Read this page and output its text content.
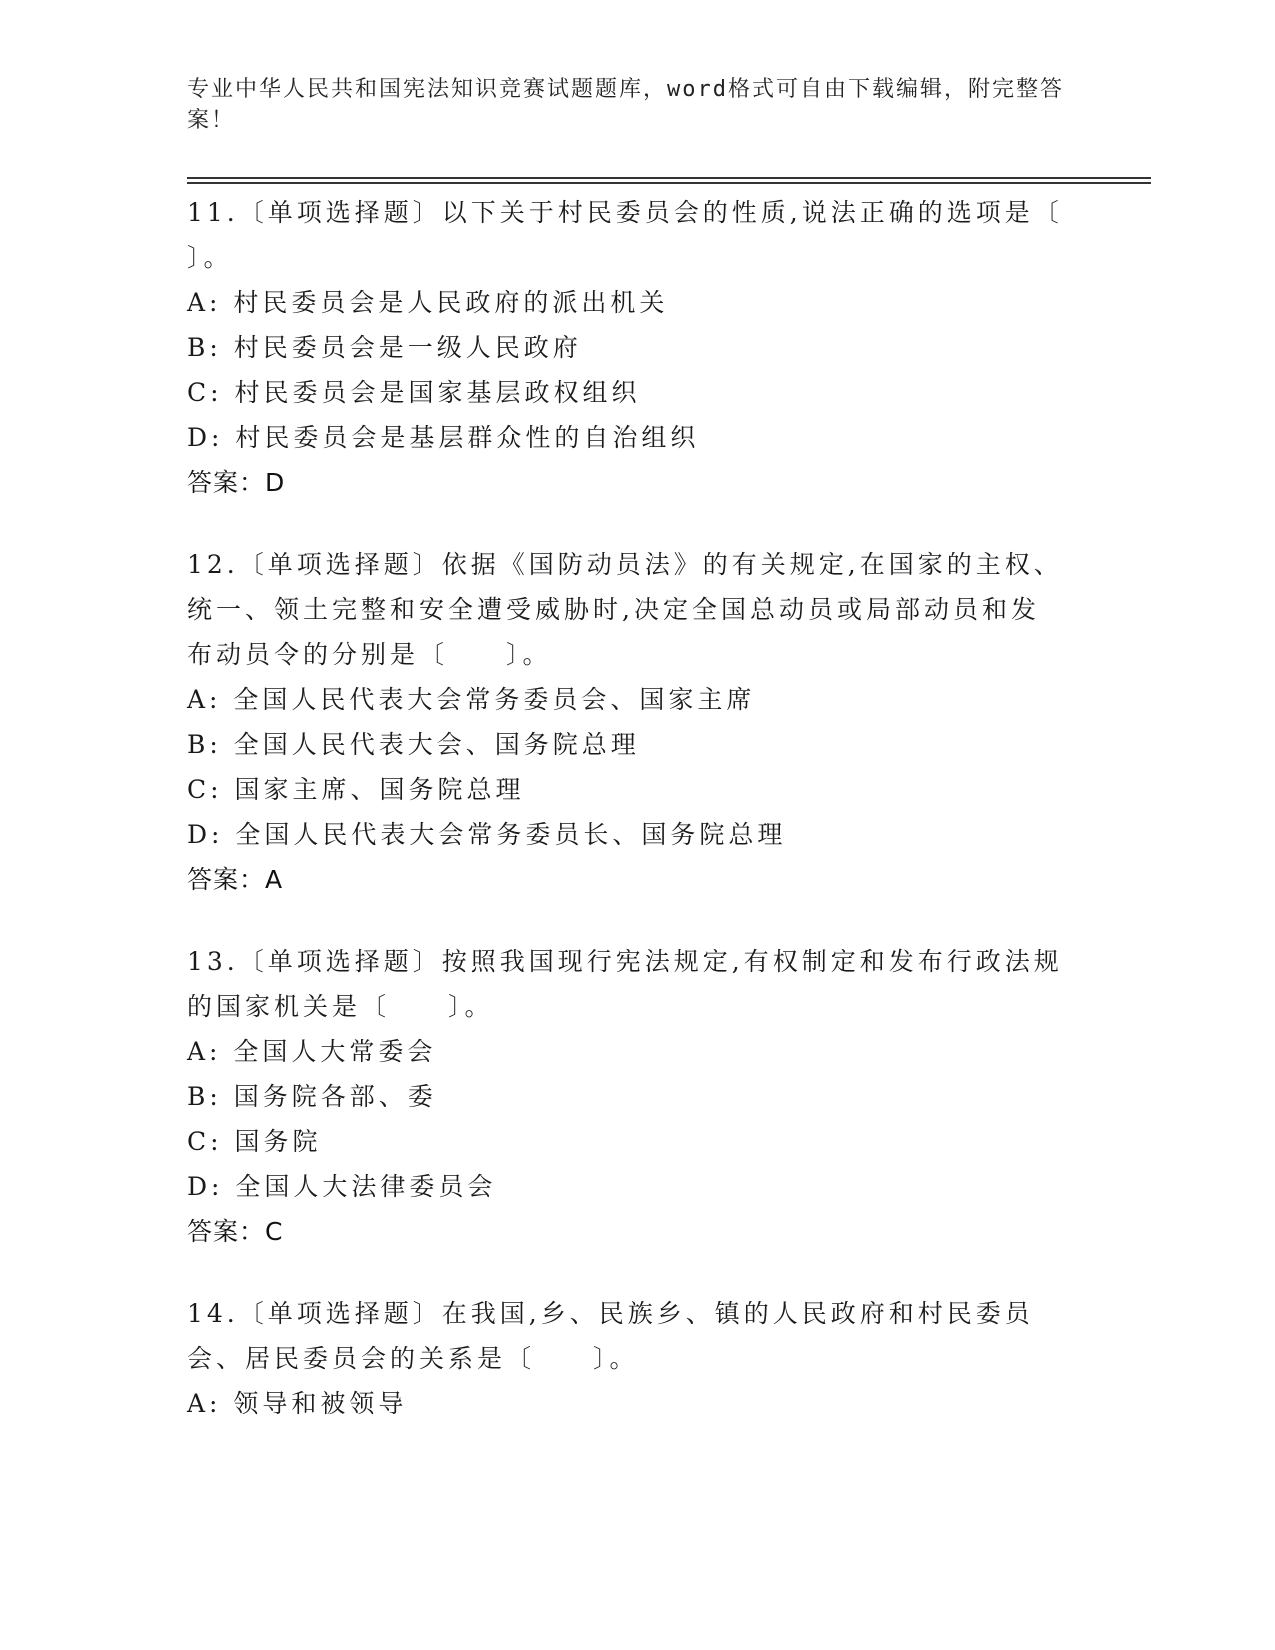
专业中华人民共和国宪法知识竞赛试题题库，word格式可自由下载编辑，附完整答案！

11.〔单项选择题〕以下关于村民委员会的性质,说法正确的选项是〔 〕。

A: 村民委员会是人民政府的派出机关

B: 村民委员会是一级人民政府

C: 村民委员会是国家基层政权组织

D: 村民委员会是基层群众性的自治组织

答案：D

12.〔单项选择题〕依据《国防动员法》的有关规定,在国家的主权、统一、领土完整和安全遭受威胁时,决定全国总动员或局部动员和发布动员令的分别是〔　　〕。

A: 全国人民代表大会常务委员会、国家主席

B: 全国人民代表大会、国务院总理

C: 国家主席、国务院总理

D: 全国人民代表大会常务委员长、国务院总理

答案：A

13.〔单项选择题〕按照我国现行宪法规定,有权制定和发布行政法规的国家机关是〔　　〕。

A: 全国人大常委会

B: 国务院各部、委

C: 国务院

D: 全国人大法律委员会

答案：C

14.〔单项选择题〕在我国,乡、民族乡、镇的人民政府和村民委员会、居民委员会的关系是〔　　〕。

A: 领导和被领导
